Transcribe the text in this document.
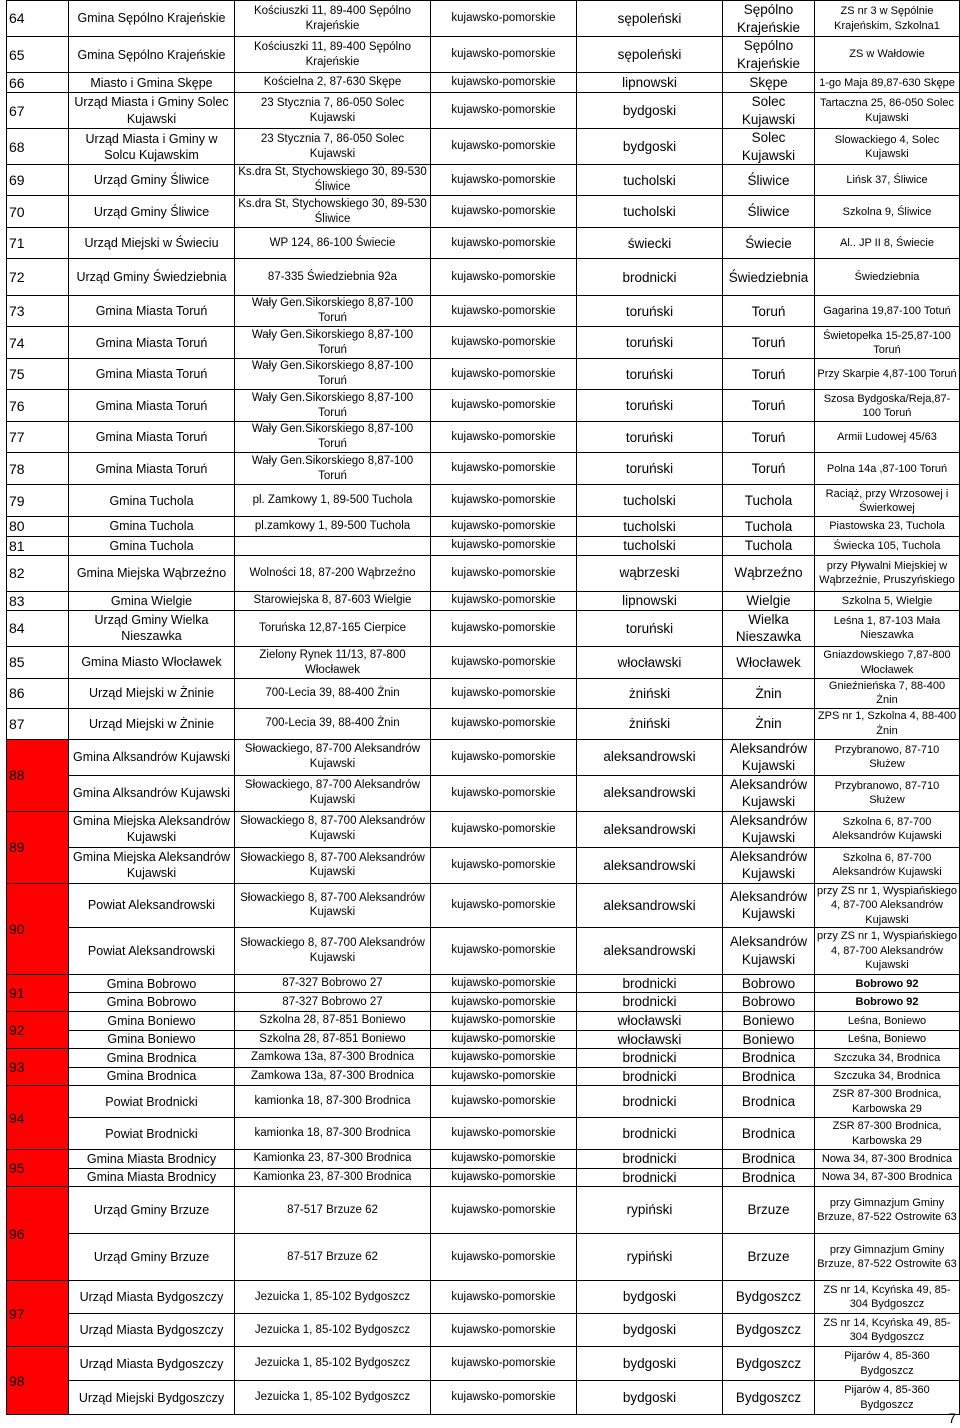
64	Gmina Sępólno Krajeńskie	Kościuszki 11, 89-400 Sępólno Krajeńskie	kujawsko-pomorskie	sępoleński	Sępólno Krajeńskie	ZS nr 3 w Sępólnie Krajeńskim, Szkolna1
65	Gmina Sępólno Krajeńskie	Kościuszki 11, 89-400 Sępólno Krajeńskie	kujawsko-pomorskie	sępoleński	Sępólno Krajeńskie	ZS w Wałdowie
66	Miasto i Gmina Skępe	Kościelna 2, 87-630 Skępe	kujawsko-pomorskie	lipnowski	Skępe	1-go Maja 89,87-630 Skępe
67	Urząd Miasta i Gminy Solec Kujawski	23 Stycznia 7, 86-050 Solec Kujawski	kujawsko-pomorskie	bydgoski	Solec Kujawski	Tartaczna 25, 86-050 Solec Kujawski
68	Urząd Miasta i Gminy w Solcu Kujawskim	23 Stycznia 7, 86-050 Solec Kujawski	kujawsko-pomorskie	bydgoski	Solec Kujawski	Slowackiego 4, Solec Kujawski
69	Urząd Gminy Śliwice	Ks.dra St, Stychowskiego 30, 89-530 Śliwice	kujawsko-pomorskie	tucholski	Śliwice	Lińsk 37, Śliwice
70	Urząd Gminy Śliwice	Ks.dra St, Stychowskiego 30, 89-530 Śliwice	kujawsko-pomorskie	tucholski	Śliwice	Szkolna 9, Śliwice
71	Urząd Miejski w Świeciu	WP 124, 86-100 Świecie	kujawsko-pomorskie	świecki	Świecie	Al.. JP II 8, Świecie
72	Urząd Gminy Świedziebnia	87-335 Świedziebnia 92a	kujawsko-pomorskie	brodnicki	Świedziebnia	Świedziebnia
73	Gmina Miasta Toruń	Wały Gen.Sikorskiego 8,87-100 Toruń	kujawsko-pomorskie	toruński	Toruń	Gagarina 19,87-100 Totuń
74	Gmina Miasta Toruń	Wały Gen.Sikorskiego 8,87-100 Toruń	kujawsko-pomorskie	toruński	Toruń	Świetopełka 15-25,87-100 Toruń
75	Gmina Miasta Toruń	Wały Gen.Sikorskiego 8,87-100 Toruń	kujawsko-pomorskie	toruński	Toruń	Przy Skarpie 4,87-100 Toruń
76	Gmina Miasta Toruń	Wały Gen.Sikorskiego 8,87-100 Toruń	kujawsko-pomorskie	toruński	Toruń	Szosa Bydgoska/Reja,87-100 Toruń
77	Gmina Miasta Toruń	Wały Gen.Sikorskiego 8,87-100 Toruń	kujawsko-pomorskie	toruński	Toruń	Armii Ludowej 45/63
78	Gmina Miasta Toruń	Wały Gen.Sikorskiego 8,87-100 Toruń	kujawsko-pomorskie	toruński	Toruń	Polna 14a ,87-100 Toruń
79	Gmina Tuchola	pl. Zamkowy 1, 89-500 Tuchola	kujawsko-pomorskie	tucholski	Tuchola	Raciąż, przy Wrzosowej i Świerkowej
80	Gmina Tuchola	pl.zamkowy 1, 89-500 Tuchola	kujawsko-pomorskie	tucholski	Tuchola	Piastowska 23, Tuchola
81	Gmina Tuchola		kujawsko-pomorskie	tucholski	Tuchola	Świecka 105, Tuchola
82	Gmina Miejska Wąbrzeźno	Wolności 18, 87-200 Wąbrzeźno	kujawsko-pomorskie	wąbrzeski	Wąbrzeźno	przy Pływalni Miejskiej w Wąbrzeźnie, Pruszyńskiego
83	Gmina Wielgie	Starowiejska 8, 87-603 Wielgie	kujawsko-pomorskie	lipnowski	Wielgie	Szkolna 5, Wielgie
84	Urząd Gminy Wielka Nieszawka	Toruńska 12,87-165 Cierpice	kujawsko-pomorskie	toruński	Wielka Nieszawka	Leśna 1, 87-103 Mała Nieszawka
85	Gmina Miasto Włocławek	Zielony Rynek 11/13, 87-800 Włocławek	kujawsko-pomorskie	włocławski	Włocławek	Gniazdowskiego 7,87-800 Włocławek
86	Urząd Miejski w Żninie	700-Lecia 39, 88-400 Żnin	kujawsko-pomorskie	żniński	Żnin	Gnieźnieńska 7, 88-400 Żnin
87	Urząd Miejski w Żninie	700-Lecia 39, 88-400 Żnin	kujawsko-pomorskie	żniński	Żnin	ZPS nr 1, Szkolna 4, 88-400 Żnin
88	Gmina Alksandrów Kujawski	Słowackiego, 87-700 Aleksandrów Kujawski	kujawsko-pomorskie	aleksandrowski	Aleksandrów Kujawski	Przybranowo, 87-710 Służew
	Gmina Alksandrów Kujawski	Słowackiego, 87-700 Aleksandrów Kujawski	kujawsko-pomorskie	aleksandrowski	Aleksandrów Kujawski	Przybranowo, 87-710 Służew
89	Gmina Miejska Aleksandrów Kujawski	Słowackiego 8, 87-700 Aleksandrów Kujawski	kujawsko-pomorskie	aleksandrowski	Aleksandrów Kujawski	Szkolna 6, 87-700 Aleksandrów Kujawski
	Gmina Miejska Aleksandrów Kujawski	Słowackiego 8, 87-700 Aleksandrów Kujawski	kujawsko-pomorskie	aleksandrowski	Aleksandrów Kujawski	Szkolna 6, 87-700 Aleksandrów Kujawski
90	Powiat Aleksandrowski	Słowackiego 8, 87-700 Aleksandrów Kujawski	kujawsko-pomorskie	aleksandrowski	Aleksandrów Kujawski	przy ZS nr 1, Wyspiańskiego 4, 87-700 Aleksandrów Kujawski
	Powiat Aleksandrowski	Słowackiego 8, 87-700 Aleksandrów Kujawski	kujawsko-pomorskie	aleksandrowski	Aleksandrów Kujawski	przy ZS nr 1, Wyspiańskiego 4, 87-700 Aleksandrów Kujawski
91	Gmina Bobrowo	87-327 Bobrowo 27	kujawsko-pomorskie	brodnicki	Bobrowo	Bobrowo 92
	Gmina Bobrowo	87-327 Bobrowo 27	kujawsko-pomorskie	brodnicki	Bobrowo	Bobrowo 92
92	Gmina Boniewo	Szkolna 28, 87-851 Boniewo	kujawsko-pomorskie	włocławski	Boniewo	Leśna, Boniewo
	Gmina Boniewo	Szkolna 28, 87-851 Boniewo	kujawsko-pomorskie	włocławski	Boniewo	Leśna, Boniewo
93	Gmina Brodnica	Zamkowa 13a, 87-300 Brodnica	kujawsko-pomorskie	brodnicki	Brodnica	Szczuka 34, Brodnica
	Gmina Brodnica	Zamkowa 13a, 87-300 Brodnica	kujawsko-pomorskie	brodnicki	Brodnica	Szczuka 34, Brodnica
94	Powiat Brodnicki	kamionka 18, 87-300 Brodnica	kujawsko-pomorskie	brodnicki	Brodnica	ZSR 87-300 Brodnica, Karbowska 29
	Powiat Brodnicki	kamionka 18, 87-300 Brodnica	kujawsko-pomorskie	brodnicki	Brodnica	ZSR 87-300 Brodnica, Karbowska 29
95	Gmina Miasta Brodnicy	Kamionka 23, 87-300 Brodnica	kujawsko-pomorskie	brodnicki	Brodnica	Nowa 34, 87-300 Brodnica
	Gmina Miasta Brodnicy	Kamionka 23, 87-300 Brodnica	kujawsko-pomorskie	brodnicki	Brodnica	Nowa 34, 87-300 Brodnica
96	Urząd Gminy Brzuze	87-517 Brzuze 62	kujawsko-pomorskie	rypiński	Brzuze	przy Gimnazjum Gminy Brzuze, 87-522 Ostrowite 63
	Urząd Gminy Brzuze	87-517 Brzuze 62	kujawsko-pomorskie	rypiński	Brzuze	przy Gimnazjum Gminy Brzuze, 87-522 Ostrowite 63
97	Urząd Miasta Bydgoszczy	Jezuicka 1, 85-102 Bydgoszcz	kujawsko-pomorskie	bydgoski	Bydgoszcz	ZS nr 14, Kcyńska 49, 85-304 Bydgoszcz
	Urząd Miasta Bydgoszczy	Jezuicka 1, 85-102 Bydgoszcz	kujawsko-pomorskie	bydgoski	Bydgoszcz	ZS nr 14, Kcyńska 49, 85-304 Bydgoszcz
98	Urząd Miasta Bydgoszczy	Jezuicka 1, 85-102 Bydgoszcz	kujawsko-pomorskie	bydgoski	Bydgoszcz	Pijarów 4, 85-360 Bydgoszcz
	Urząd Miejski Bydgoszczy	Jezuicka 1, 85-102 Bydgoszcz	kujawsko-pomorskie	bydgoski	Bydgoszcz	Pijarów 4, 85-360 Bydgoszcz
7
